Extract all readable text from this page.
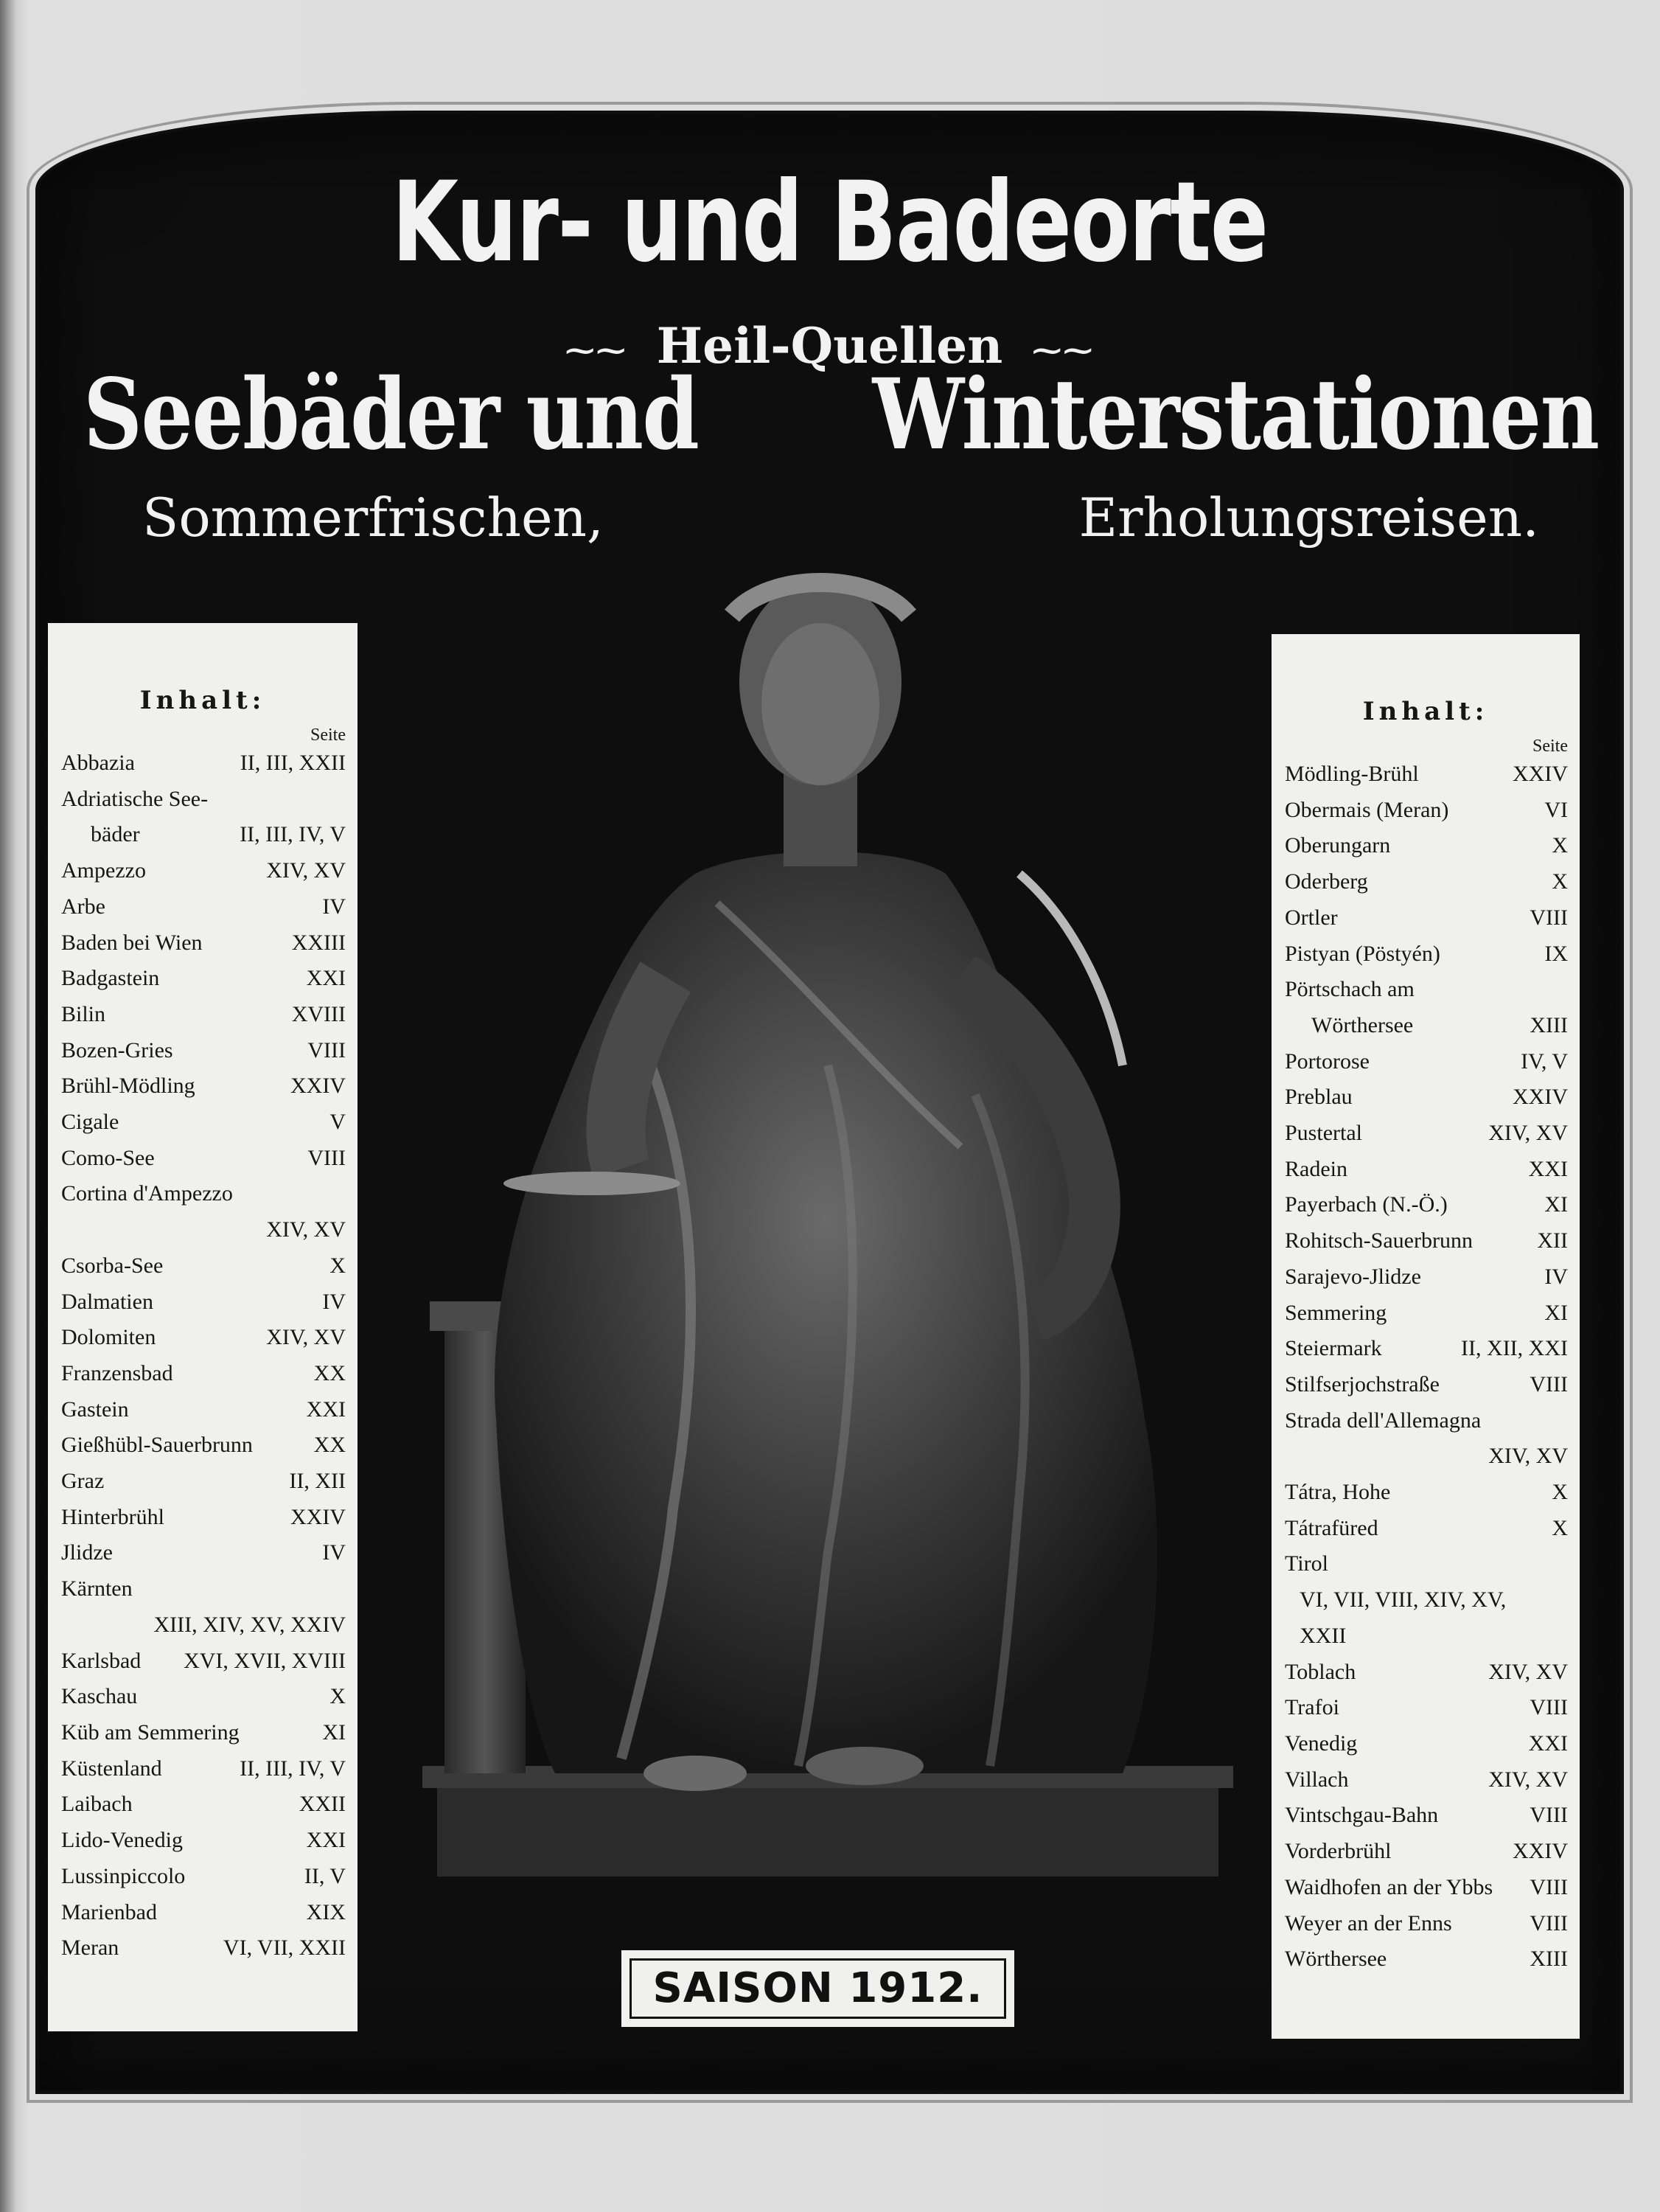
Kur- und Badeorte
⁓⁓ Heil-Quellen ⁓⁓
Seebäder und Winterstationen
Sommerfrischen,	Erholungsreisen.
Inhalt:
Seite
Abbazia	II, III, XXII
Adriatische See-
bäder	II, III, IV, V
Ampezzo	XIV, XV
Arbe	IV
Baden bei Wien	XXIII
Badgastein	XXI
Bilin	XVIII
Bozen-Gries	VIII
Brühl-Mödling	XXIV
Cigale	V
Como-See	VIII
Cortina d'Ampezzo
XIV, XV
Csorba-See	X
Dalmatien	IV
Dolomiten	XIV, XV
Franzensbad	XX
Gastein	XXI
Gießhübl-Sauerbrunn	XX
Graz	II, XII
Hinterbrühl	XXIV
Jlidze	IV
Kärnten
XIII, XIV, XV, XXIV
Karlsbad XVI, XVII, XVIII
Kaschau	X
Küb am Semmering	XI
Küstenland	II, III, IV, V
Laibach	XXII
Lido-Venedig	XXI
Lussinpiccolo	II, V
Marienbad	XIX
Meran	VI, VII, XXII
Inhalt:
Seite
Mödling-Brühl	XXIV
Obermais (Meran)	VI
Oberungarn	X
Oderberg	X
Ortler	VIII
Pistyan (Pöstyén)	IX
Pörtschach am
Wörthersee	XIII
Portorose	IV, V
Preblau	XXIV
Pustertal	XIV, XV
Radein	XXI
Payerbach (N.-Ö.)	XI
Rohitsch-Sauerbrunn	XII
Sarajevo-Jlidze	IV
Semmering	XI
Steiermark	II, XII, XXI
Stilfserjochstraße	VIII
Strada dell'Allemagna
XIV, XV
Tátra, Hohe	X
Tátrafüred	X
Tirol
VI, VII, VIII, XIV, XV,
XXII
Toblach	XIV, XV
Trafoi	VIII
Venedig	XXI
Villach	XIV, XV
Vintschgau-Bahn	VIII
Vorderbrühl	XXIV
Waidhofen an der Ybbs VIII
Weyer an der Enns	VIII
Wörthersee	XIII
SAISON 1912.
